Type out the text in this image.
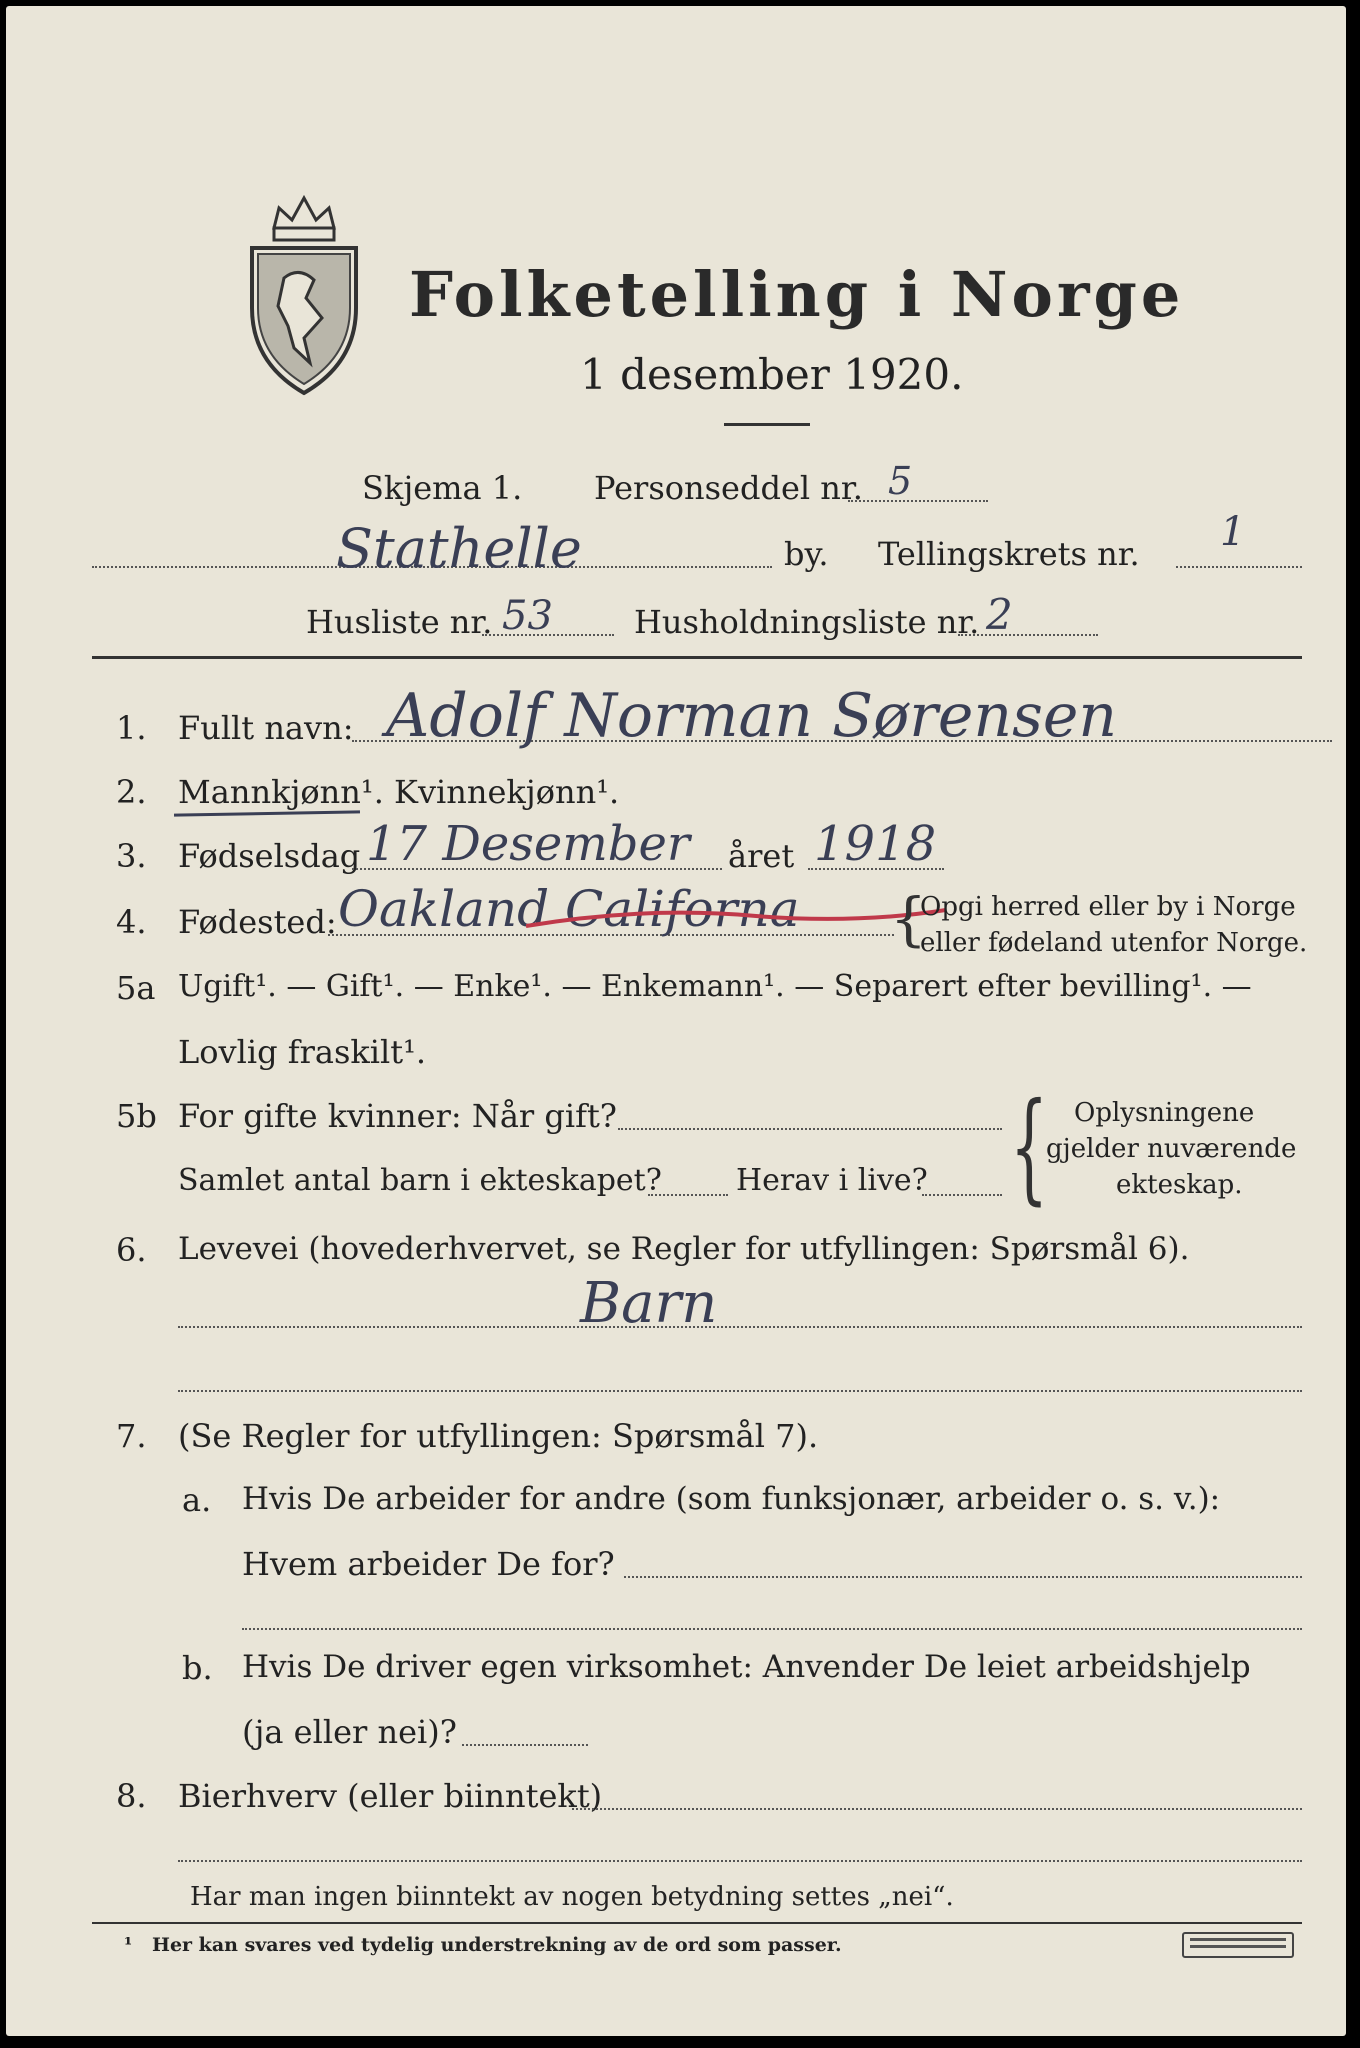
Folketelling i Norge
1 desember 1920.
Skjema 1. Personseddel nr. 5
Stathelle	by. Tellingskrets nr. 1
Husliste nr. 53	Husholdningsliste nr. 2
1. Fullt navn: Adolf Norman Sørensen
2. Mannkjønn¹. Kvinnekjønn¹.
3. Fødselsdag 17 Desember året 1918
4. Fødested: Oakland Californa {
Opgi herred eller by i Norge
eller fødeland utenfor Norge.
5a Ugift¹. — Gift¹. — Enke¹. — Enkemann¹. — Separert efter bevilling¹. —
Lovlig fraskilt¹.
5b For gifte kvinner: Når gift?
Samlet antal barn i ekteskapet? Herav i live? { Oplysningene
gjelder nuværende
ekteskap.
6. Levevei (hovederhvervet, se Regler for utfyllingen: Spørsmål 6).
Barn
7. (Se Regler for utfyllingen: Spørsmål 7).
a. Hvis De arbeider for andre (som funksjonær, arbeider o. s. v.):
Hvem arbeider De for?
b. Hvis De driver egen virksomhet: Anvender De leiet arbeidshjelp
(ja eller nei)?
8. Bierhverv (eller biinntekt)
Har man ingen biinntekt av nogen betydning settes „nei“.
¹ Her kan svares ved tydelig understrekning av de ord som passer.
